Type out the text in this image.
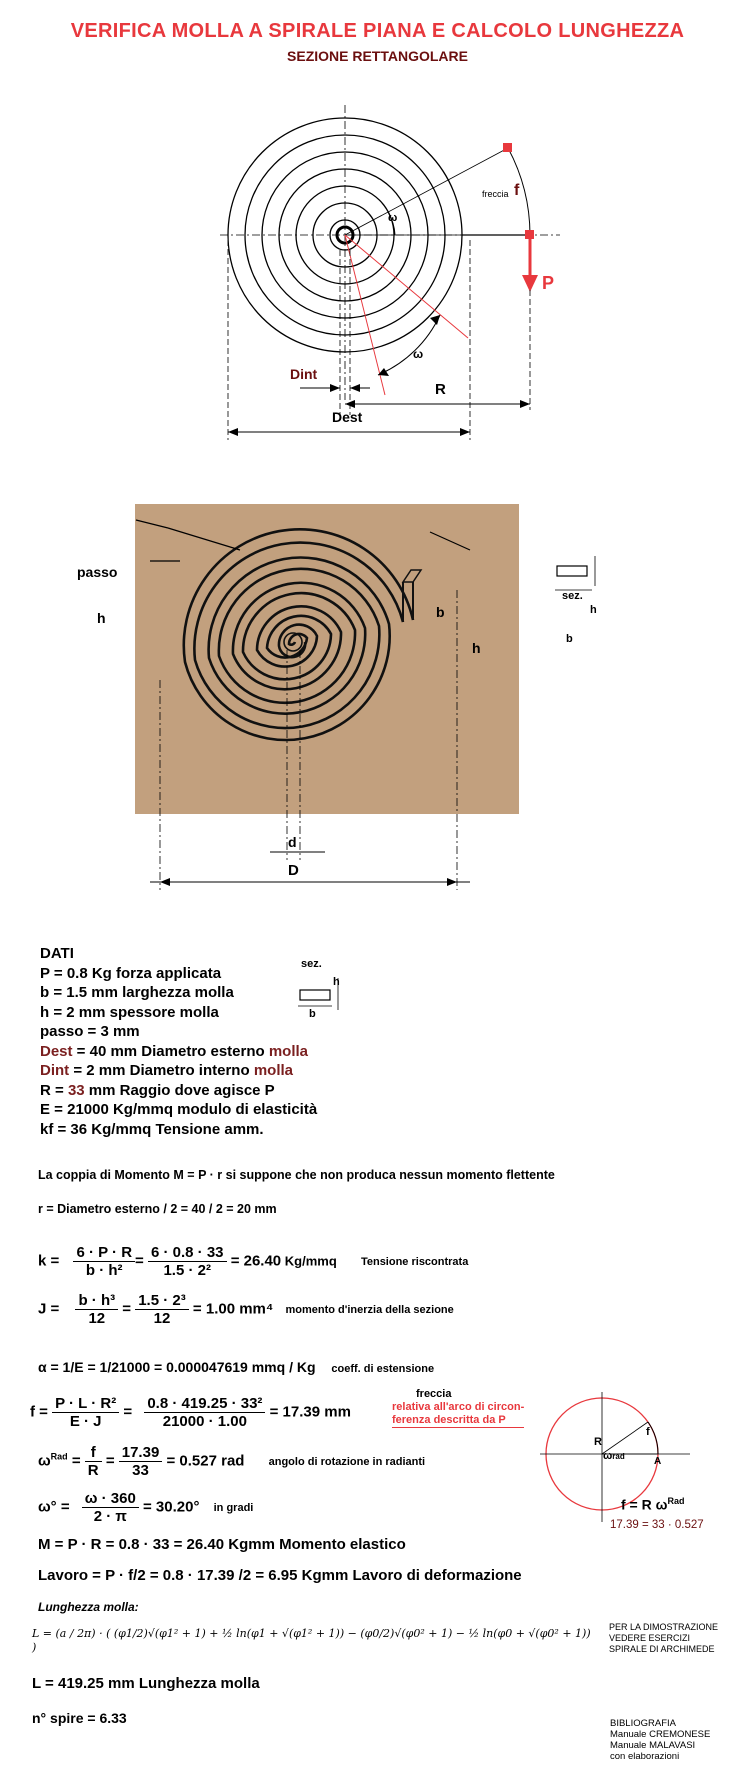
VERIFICA MOLLA A SPIRALE PIANA E CALCOLO LUNGHEZZA
SEZIONE RETTANGOLARE
freccia f
ω
ω
P
Dint
R
Dest
passo
h	b
h
d
D
sez.
h
b
DATI
P = 0.8 Kg forza applicata
b = 1.5 mm larghezza molla
h = 2 mm spessore molla
passo = 3 mm
Dest = 40 mm Diametro esterno molla
Dint = 2 mm Diametro interno molla
R = 33 mm Raggio dove agisce P
E = 21000 Kg/mmq modulo di elasticità
kf = 36 Kg/mmq Tensione amm.
sez.
h
b
La coppia di Momento M = P · r si suppone che non produca nessun momento flettente
r = Diametro esterno / 2 = 40 / 2 = 20 mm
$k = \frac{6 \cdot P \cdot R}{\text{b · h²}} = \frac{6 \cdot 0.8 \cdot 33}{\text{1.5 · 2²}} = 26.40$ Kg/mmq Tensione riscontrata
$J = \frac{\text{b · h³}}{12} = \frac{\text{1.5 · 2³}}{12} = 1.00$ mm⁴ momento d'inerzia della sezione
α = 1/E = 1/21000 = 0.000047619 mmq / Kg coeff. di estensione
$f = \frac{\text{P · L · R²}}{E \cdot J} = \frac{\text{0.8 · 419.25 · 33²}}{21000 \cdot 1.00} = 17.39$ mm
freccia
relativa all'arco di circon-
ferenza descritta da P
$\omega^{Rad} = \frac{f}{R} = \frac{17.39}{33} = 0.527$ rad angolo di rotazione in radianti
$\omega^\circ = \frac{\omega \cdot 360}{2 \cdot \pi} = 30.20^\circ$ in gradi
M = P · R = 0.8 · 33 = 26.40 Kgmm Momento elastico
Lavoro = P · f/2 = 0.8 · 17.39 /2 = 6.95 Kgmm Lavoro di deformazione
Lunghezza molla:
L = (a / 2π) · ( (φ1/2)√(φ1² + 1) + ½ ln(φ1 + √(φ1² + 1)) − (φ0/2)√(φ0² + 1) − ½ ln(φ0 + √(φ0² + 1)) )
PER LA DIMOSTRAZIONE
VEDERE ESERCIZI
SPIRALE DI ARCHIMEDE
L = 419.25 mm Lunghezza molla
n° spire = 6.33
R
f
ωrad	A
f = R $\omega^{Rad}$
17.39 = 33 · 0.527
BIBLIOGRAFIA
Manuale CREMONESE
Manuale MALAVASI
con elaborazioni
